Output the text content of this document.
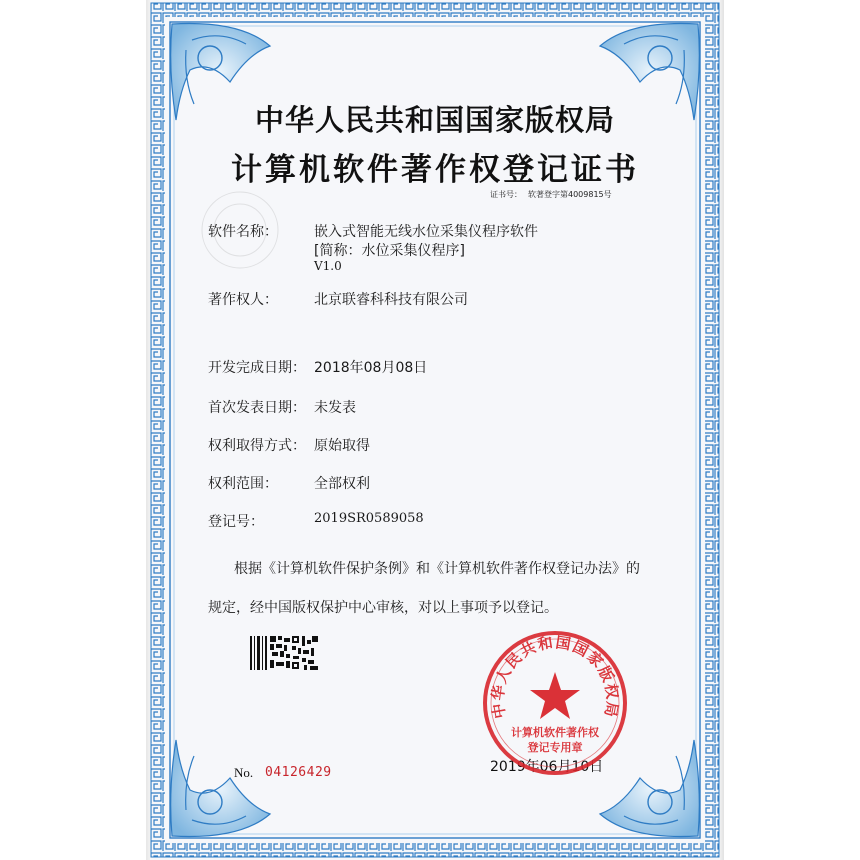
中华人民共和国国家版权局
计算机软件著作权登记证书
证书号： 软著登字第4009815号
软件名称：	嵌入式智能无线水位采集仪程序软件
[简称：水位采集仪程序]
V1.0
著作权人：	北京联睿科科技有限公司
开发完成日期： 2018年08月08日
首次发表日期： 未发表
权利取得方式： 原始取得
权利范围：	全部权利
登记号：	2019SR0589058
根据《计算机软件保护条例》和《计算机软件著作权登记办法》的
规定，经中国版权保护中心审核，对以上事项予以登记。
No. 04126429	2019年06月10日
中华人民共和国国家版权局
计算机软件著作权
登记专用章
